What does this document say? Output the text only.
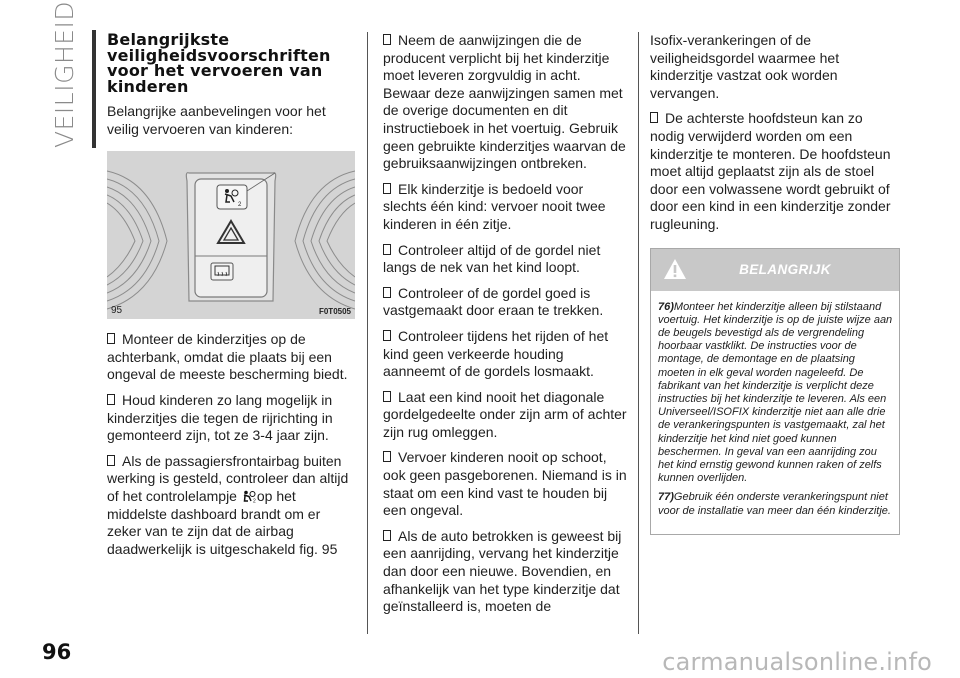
VEILIGHEID	Belangrijkste veiligheidsvoorschriften voor het vervoeren van kinderen

Belangrijke aanbevelingen voor het veilig vervoeren van kinderen:

2
95	F0T0505

Monteer de kinderzitjes op de achterbank, omdat die plaats bij een ongeval de meeste bescherming biedt.

Houd kinderen zo lang mogelijk in kinderzitjes die tegen de rijrichting in gemonteerd zijn, tot ze 3-4 jaar zijn.

Als de passagiersfrontairbag buiten werking is gesteld, controleer dan altijd of het controlelampje	2 op het middelste dashboard brandt om er zeker van te zijn dat de airbag daadwerkelijk is uitgeschakeld fig. 95

Neem de aanwijzingen die de producent verplicht bij het kinderzitje moet leveren zorgvuldig in acht. Bewaar deze aanwijzingen samen met de overige documenten en dit instructieboek in het voertuig. Gebruik geen gebruikte kinderzitjes waarvan de gebruiksaanwijzingen ontbreken.

Elk kinderzitje is bedoeld voor slechts één kind: vervoer nooit twee kinderen in één zitje.

Controleer altijd of de gordel niet langs de nek van het kind loopt.

Controleer of de gordel goed is vastgemaakt door eraan te trekken.

Controleer tijdens het rijden of het kind geen verkeerde houding aanneemt of de gordels losmaakt.

Laat een kind nooit het diagonale gordelgedeelte onder zijn arm of achter zijn rug omleggen.

Vervoer kinderen nooit op schoot, ook geen pasgeborenen. Niemand is in staat om een kind vast te houden bij een ongeval.

Als de auto betrokken is geweest bij een aanrijding, vervang het kinderzitje dan door een nieuwe. Bovendien, en afhankelijk van het type kinderzitje dat geïnstalleerd is, moeten de

Isofix-verankeringen of de veiligheidsgordel waarmee het kinderzitje vastzat ook worden vervangen.

De achterste hoofdsteun kan zo nodig verwijderd worden om een kinderzitje te monteren. De hoofdsteun moet altijd geplaatst zijn als de stoel door een volwassene wordt gebruikt of door een kind in een kinderzitje zonder rugleuning.

BELANGRIJK

76)Monteer het kinderzitje alleen bij stilstaand voertuig. Het kinderzitje is op de juiste wijze aan de beugels bevestigd als de vergrendeling hoorbaar vastklikt. De instructies voor de montage, de demontage en de plaatsing moeten in elk geval worden nageleefd. De fabrikant van het kinderzitje is verplicht deze instructies bij het kinderzitje te leveren. Als een Universeel/ISOFIX kinderzitje niet aan alle drie de verankeringspunten is vastgemaakt, zal het kinderzitje het kind niet goed kunnen beschermen. In geval van een aanrijding zou het kind ernstig gewond kunnen raken of zelfs kunnen overlijden.

77)Gebruik één onderste verankeringspunt niet voor de installatie van meer dan één kinderzitje.

96	carmanualsonline.info
